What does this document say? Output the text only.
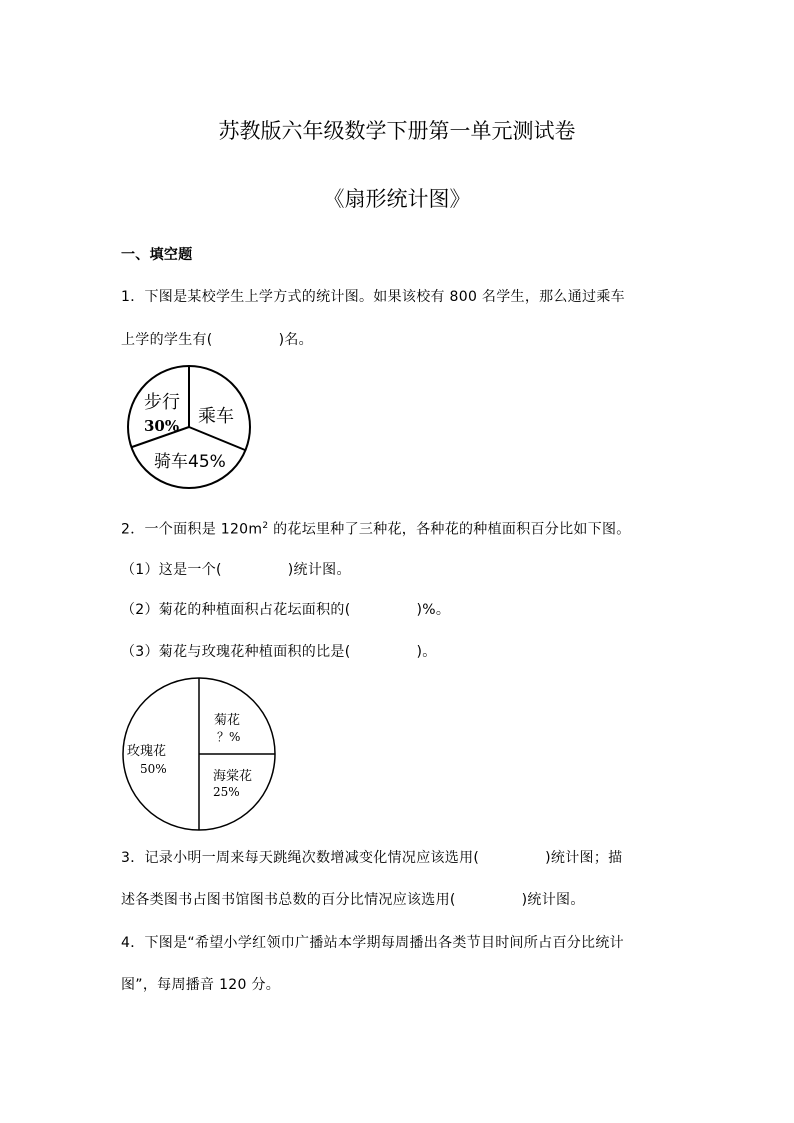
苏教版六年级数学下册第一单元测试卷
《扇形统计图》
一、填空题
1．下图是某校学生上学方式的统计图。如果该校有 800 名学生，那么通过乘车
上学的学生有(	)名。
步行
30% 乘车
骑车45%
2．一个面积是 $120m^2$ 的花坛里种了三种花，各种花的种植面积百分比如下图。
（1）这是一个(	)统计图。
（2）菊花的种植面积占花坛面积的(	)%。
（3）菊花与玫瑰花种植面积的比是(	)。
玫瑰花
50%
菊花
？%
海棠花
25%
3．记录小明一周来每天跳绳次数增减变化情况应该选用(	)统计图；描
述各类图书占图书馆图书总数的百分比情况应该选用(	)统计图。
4．下图是“希望小学红领巾广播站本学期每周播出各类节目时间所占百分比统计
图”，每周播音 120 分。
